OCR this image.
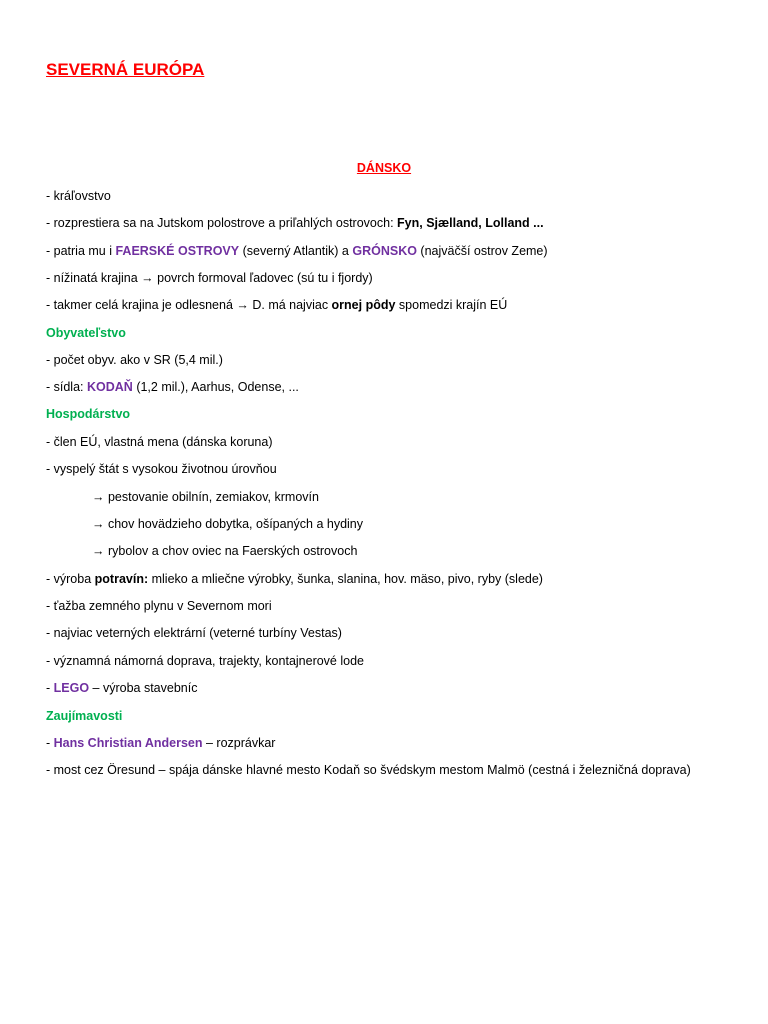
SEVERNÁ EURÓPA
DÁNSKO
- kráľovstvo
- rozprestiera sa na Jutskom polostrove a priľahlých ostrovoch: Fyn, Sjælland, Lolland ...
- patria mu i FAERSKÉ OSTROVY (severný Atlantik) a GRÓNSKO (najväčší ostrov Zeme)
- nížinatá krajina → povrch formoval ľadovec (sú tu i fjordy)
- takmer celá krajina je odlesnená → D. má najviac ornej pôdy spomedzi krajín EÚ
Obyvateľstvo
- počet obyv. ako v SR (5,4 mil.)
- sídla: KODAŇ (1,2 mil.), Aarhus, Odense, ...
Hospodárstvo
- člen EÚ, vlastná mena (dánska koruna)
- vyspelý štát s vysokou životnou úrovňou
→ pestovanie obilnín, zemiakov, krmovín
→ chov hovädzieho dobytka, ošípaných a hydiny
→ rybolov a chov oviec na Faerských ostrovoch
- výroba potravín: mlieko a mliečne výrobky, šunka, slanina, hov. mäso, pivo, ryby (slede)
- ťažba zemného plynu v Severnom mori
- najviac veterných elektrární (veterné turbíny Vestas)
- významná námorná doprava, trajekty, kontajnerové lode
- LEGO – výroba stavebníc
Zaujímavosti
- Hans Christian Andersen – rozprávkar
- most cez Öresund – spája dánske hlavné mesto Kodaň so švédskym mestom Malmö (cestná i železničná doprava)
